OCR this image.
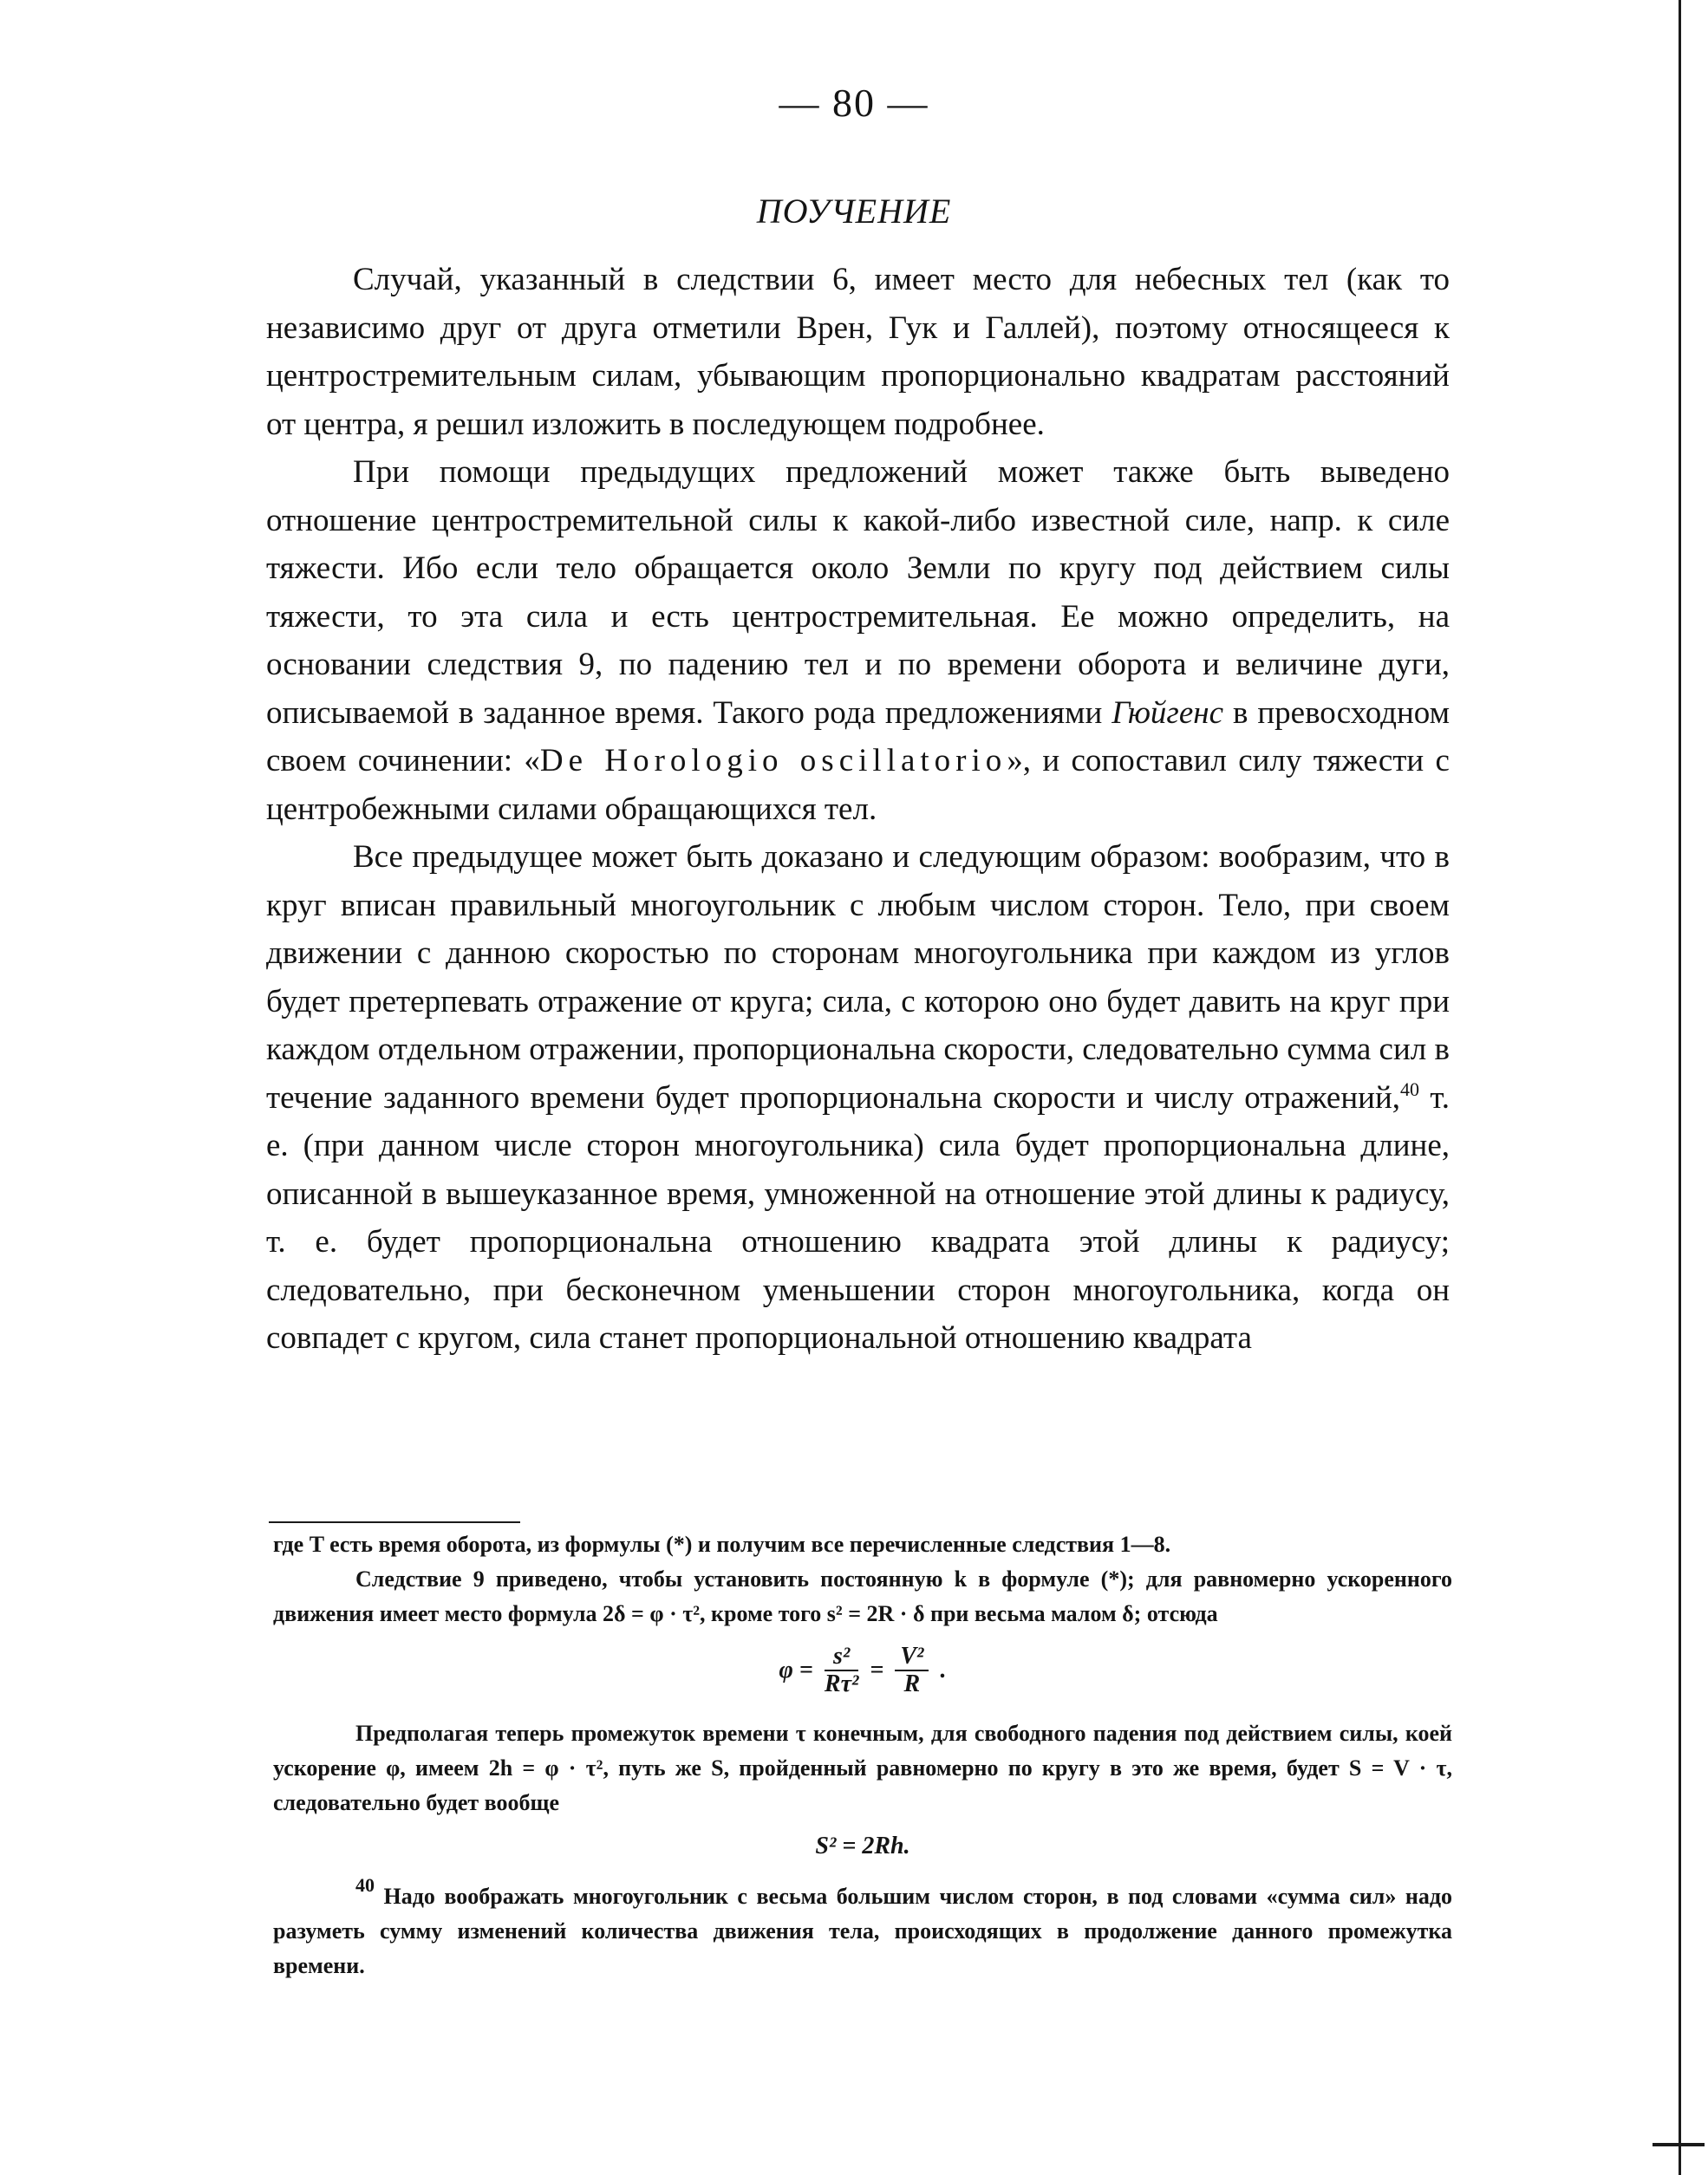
— 80 —
ПОУЧЕНИЕ

Случай, указанный в следствии 6, имеет место для небесных тел (как то независимо друг от друга отметили Врен, Гук и Галлей), поэтому относящееся к центростремительным силам, убывающим пропорционально квадратам расстояний от центра, я решил изложить в последующем подробнее.

При помощи предыдущих предложений может также быть выведено отношение центростремительной силы к какой-либо известной силе, напр. к силе тяжести. Ибо если тело обращается около Земли по кругу под действием силы тяжести, то эта сила и есть центростремительная. Ее можно определить, на основании следствия 9, по падению тел и по времени оборота и величине дуги, описываемой в заданное время. Такого рода предложениями Гюйгенс в превосходном своем сочинении: «De Horologio oscillatorio», и сопоставил силу тяжести с центробежными силами обращающихся тел.

Все предыдущее может быть доказано и следующим образом: вообразим, что в круг вписан правильный многоугольник с любым числом сторон. Тело, при своем движении с данною скоростью по сторонам многоугольника при каждом из углов будет претерпевать отражение от круга; сила, с которою оно будет давить на круг при каждом отдельном отражении, пропорциональна скорости, следовательно сумма сил в течение заданного времени будет пропорциональна скорости и числу отражений,$^{40}$ т. е. (при данном числе сторон многоугольника) сила будет пропорциональна длине, описанной в вышеуказанное время, умноженной на отношение этой длины к радиусу, т. е. будет пропорциональна отношению квадрата этой длины к радиусу; следовательно, при бесконечном уменьшении сторон многоугольника, когда он совпадет с кругом, сила станет пропорциональной отношению квадрата

где T есть время оборота, из формулы (*) и получим все перечисленные следствия 1—8.

Следствие 9 приведено, чтобы установить постоянную k в формуле (*); для равномерно ускоренного движения имеет место формула 2δ = φ · τ², кроме того s² = 2R · δ при весьма малом δ; отсюда

$\varphi = \frac{\text{s²}}{\text{Rτ²}} = \frac{\text{V²}}{R}$ .

Предполагая теперь промежуток времени τ конечным, для свободного падения под действием силы, коей ускорение φ, имеем 2h = φ · τ², путь же S, пройденный равномерно по кругу в это же время, будет S = V · τ, следовательно будет вообще

S² = 2Rh.

$^{40}$ Надо воображать многоугольник с весьма большим числом сторон, в под словами «сумма сил» надо разуметь сумму изменений количества движения тела, происходящих в продолжение данного промежутка времени.
